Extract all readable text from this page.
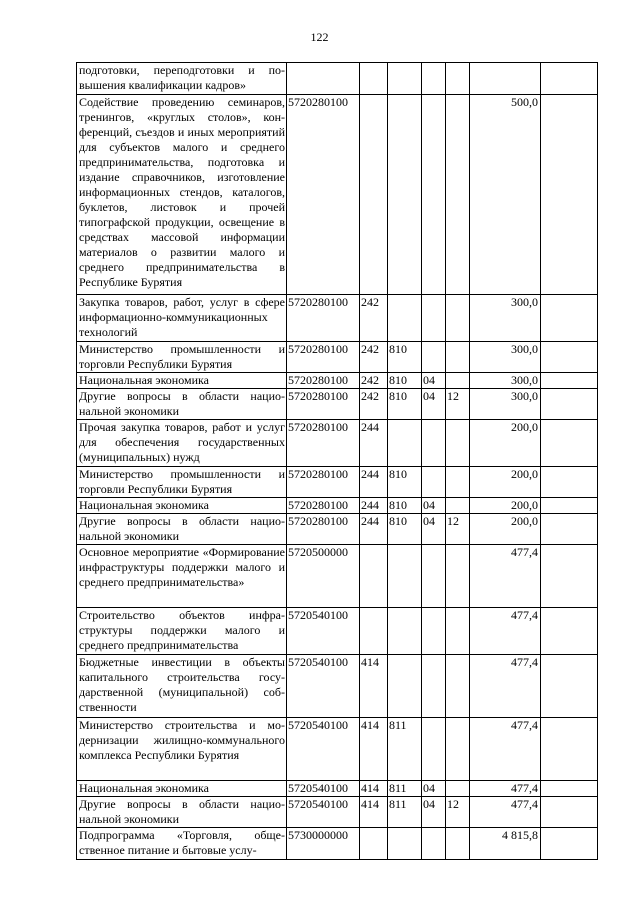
122
подготовки, переподготовки и повышения квалификации кадров»							
Содействие проведению семинаров, тренингов, «круглых столов», конференций, съездов и иных мероприятий для субъектов малого и среднего предпринимательства, подготовка и издание справочников, изготовление информационных стендов, каталогов, буклетов, листовок и прочей типографской продукции, освещение в средствах массовой информации материалов о развитии малого и среднего предпринимательства в Республике Бурятия	5720280100					500,0	
Закупка товаров, работ, услуг в сфере информационно-коммуникационных технологий	5720280100	242				300,0	
Министерство промышленности и торговли Республики Бурятия	5720280100	242	810			300,0	
Национальная экономика	5720280100	242	810	04		300,0	
Другие вопросы в области национальной экономики	5720280100	242	810	04	12	300,0	
Прочая закупка товаров, работ и услуг для обеспечения государственных (муниципальных) нужд	5720280100	244				200,0	
Министерство промышленности и торговли Республики Бурятия	5720280100	244	810			200,0	
Национальная экономика	5720280100	244	810	04		200,0	
Другие вопросы в области национальной экономики	5720280100	244	810	04	12	200,0	
Основное мероприятие «Формирование инфраструктуры поддержки малого и среднего предпринимательства»	5720500000					477,4	
Строительство объектов инфраструктуры поддержки малого и среднего предпринимательства	5720540100					477,4	
Бюджетные инвестиции в объекты капитального строительства государственной (муниципальной) собственности	5720540100	414				477,4	
Министерство строительства и модернизации жилищно-коммунального комплекса Республики Бурятия	5720540100	414	811			477,4	
Национальная экономика	5720540100	414	811	04		477,4	
Другие вопросы в области национальной экономики	5720540100	414	811	04	12	477,4	
Подпрограмма «Торговля, общественное питание и бытовые услу-	5730000000					4 815,8	
